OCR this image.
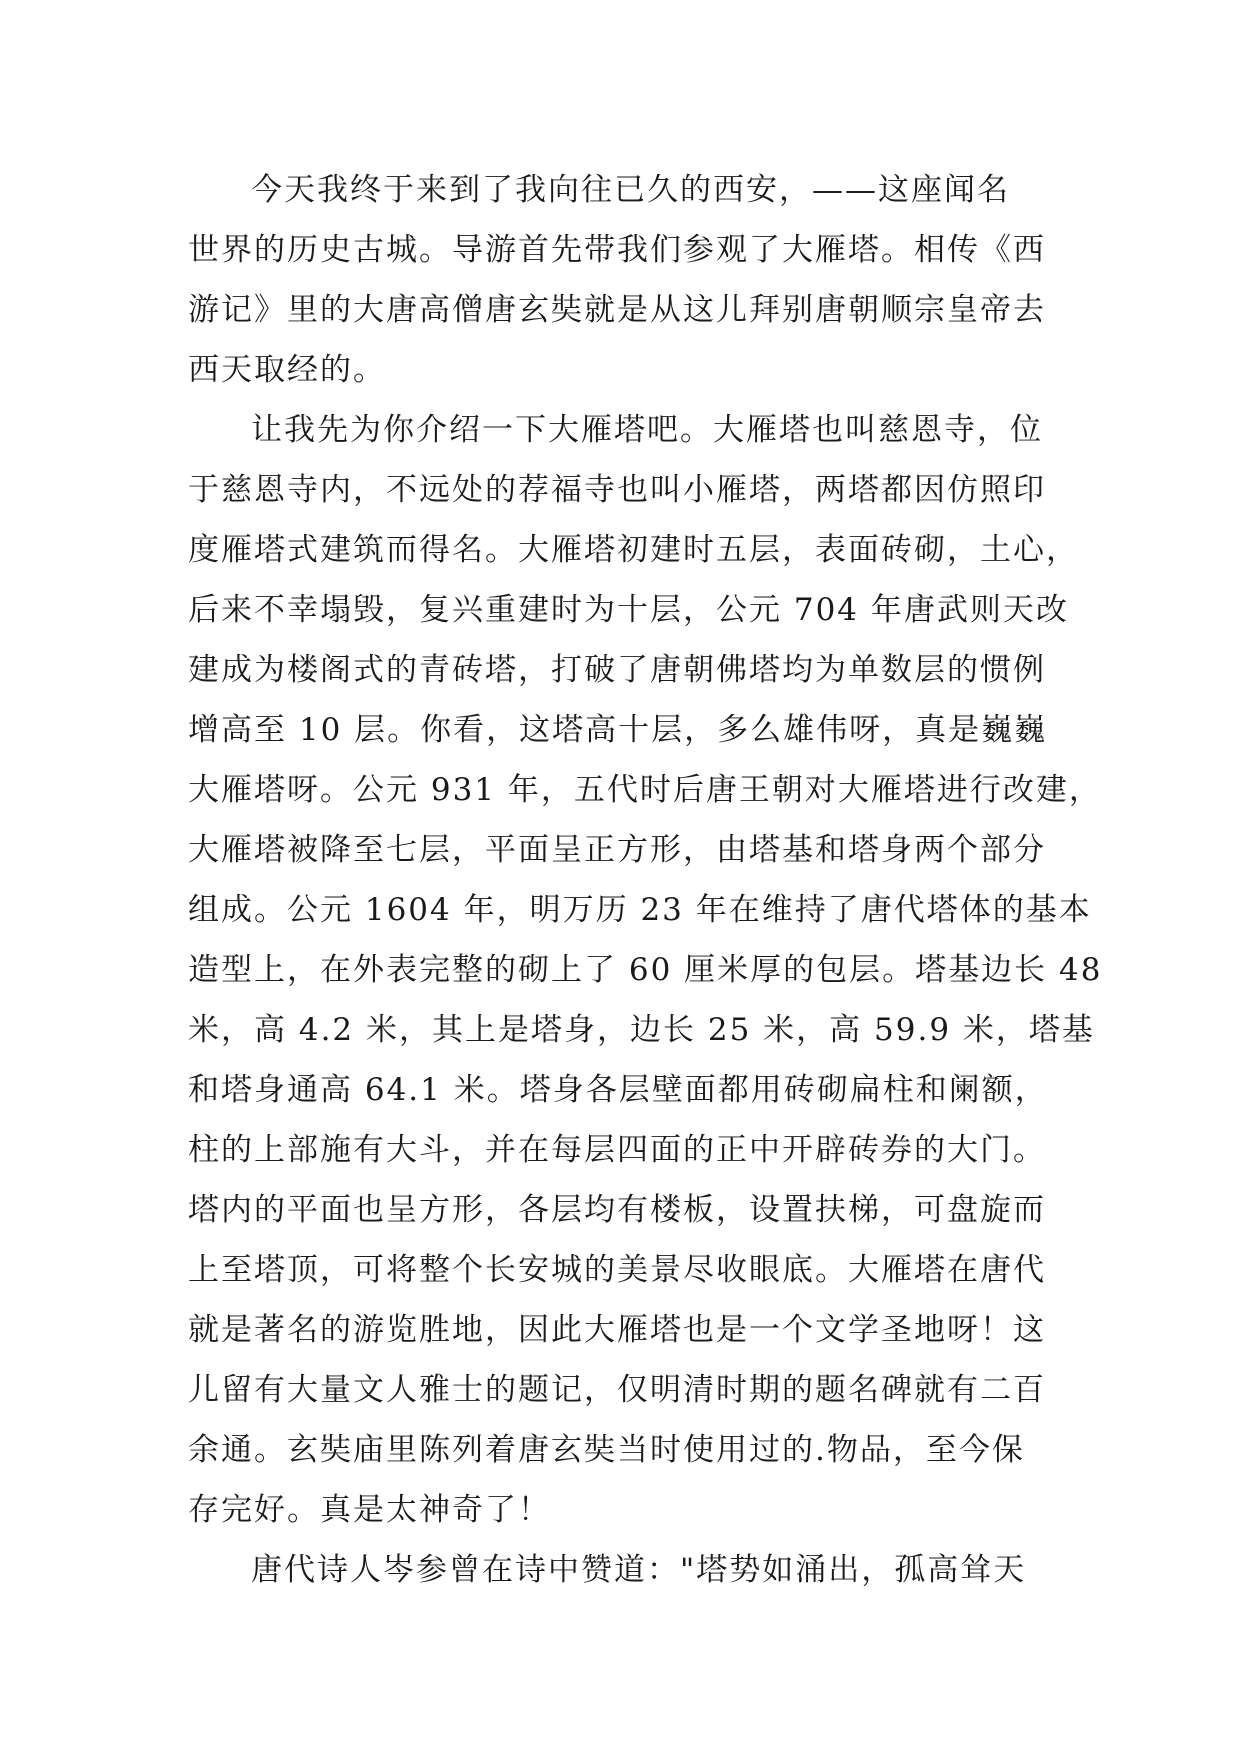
今天我终于来到了我向往已久的西安，——这座闻名
世界的历史古城。导游首先带我们参观了大雁塔。相传《西
游记》里的大唐高僧唐玄奘就是从这儿拜别唐朝顺宗皇帝去
西天取经的。
让我先为你介绍一下大雁塔吧。大雁塔也叫慈恩寺，位
于慈恩寺内，不远处的荐福寺也叫小雁塔，两塔都因仿照印
度雁塔式建筑而得名。大雁塔初建时五层，表面砖砌，土心，
后来不幸塌毁，复兴重建时为十层，公元 704 年唐武则天改
建成为楼阁式的青砖塔，打破了唐朝佛塔均为单数层的惯例
增高至 10 层。你看，这塔高十层，多么雄伟呀，真是巍巍
大雁塔呀。公元 931 年，五代时后唐王朝对大雁塔进行改建，
大雁塔被降至七层，平面呈正方形，由塔基和塔身两个部分
组成。公元 1604 年，明万历 23 年在维持了唐代塔体的基本
造型上，在外表完整的砌上了 60 厘米厚的包层。塔基边长 48
米，高 4.2 米，其上是塔身，边长 25 米，高 59.9 米，塔基
和塔身通高 64.1 米。塔身各层壁面都用砖砌扁柱和阑额，
柱的上部施有大斗，并在每层四面的正中开辟砖券的大门。
塔内的平面也呈方形，各层均有楼板，设置扶梯，可盘旋而
上至塔顶，可将整个长安城的美景尽收眼底。大雁塔在唐代
就是著名的游览胜地，因此大雁塔也是一个文学圣地呀！这
儿留有大量文人雅士的题记，仅明清时期的题名碑就有二百
余通。玄奘庙里陈列着唐玄奘当时使用过的.物品，至今保
存完好。真是太神奇了！
唐代诗人岑参曾在诗中赞道："塔势如涌出，孤高耸天
